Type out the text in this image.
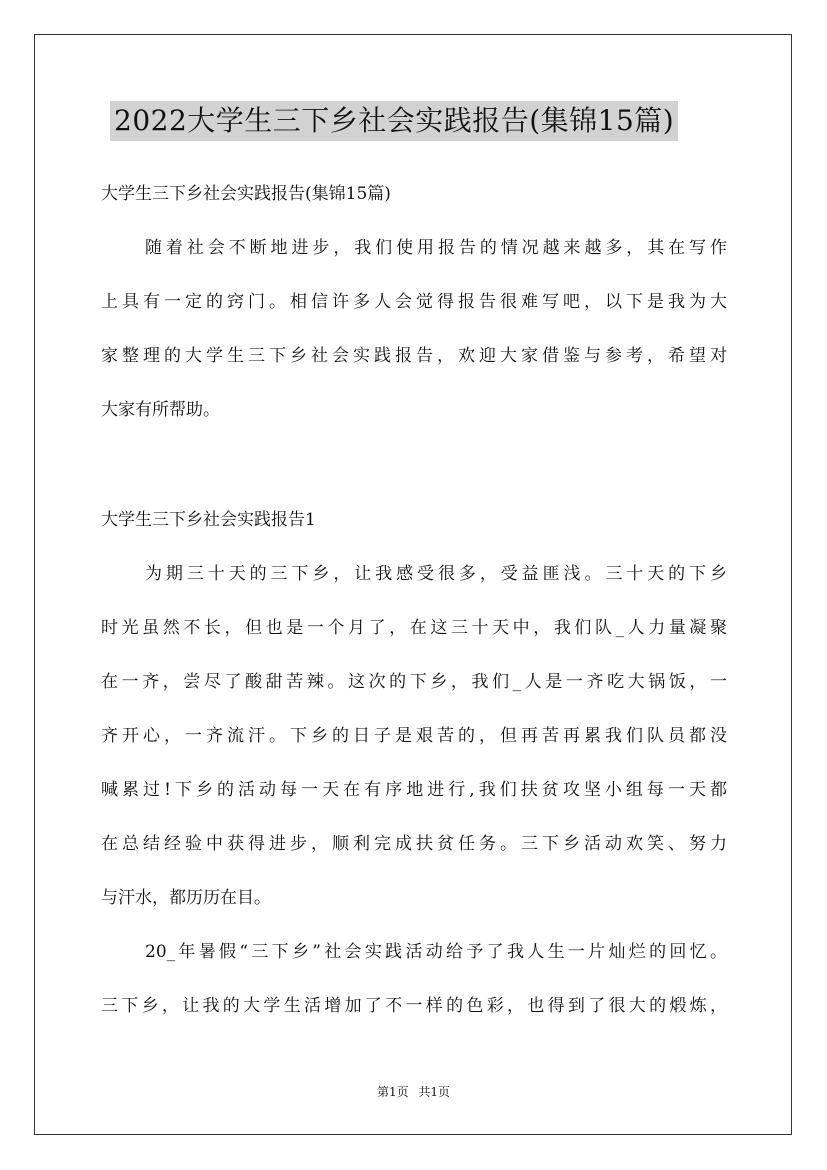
2022大学生三下乡社会实践报告(集锦15篇)
大学生三下乡社会实践报告(集锦15篇)
随着社会不断地进步，我们使用报告的情况越来越多，其在写作
上具有一定的窍门。相信许多人会觉得报告很难写吧，以下是我为大
家整理的大学生三下乡社会实践报告，欢迎大家借鉴与参考，希望对
大家有所帮助。
大学生三下乡社会实践报告1
为期三十天的三下乡，让我感受很多，受益匪浅。三十天的下乡
时光虽然不长，但也是一个月了，在这三十天中，我们队_人力量凝聚
在一齐，尝尽了酸甜苦辣。这次的下乡，我们_人是一齐吃大锅饭，一
齐开心，一齐流汗。下乡的日子是艰苦的，但再苦再累我们队员都没
喊累过!下乡的活动每一天在有序地进行,我们扶贫攻坚小组每一天都
在总结经验中获得进步，顺利完成扶贫任务。三下乡活动欢笑、努力
与汗水，都历历在目。
20_年暑假“三下乡”社会实践活动给予了我人生一片灿烂的回忆。
三下乡，让我的大学生活增加了不一样的色彩，也得到了很大的煅炼，
第1页 共1页
